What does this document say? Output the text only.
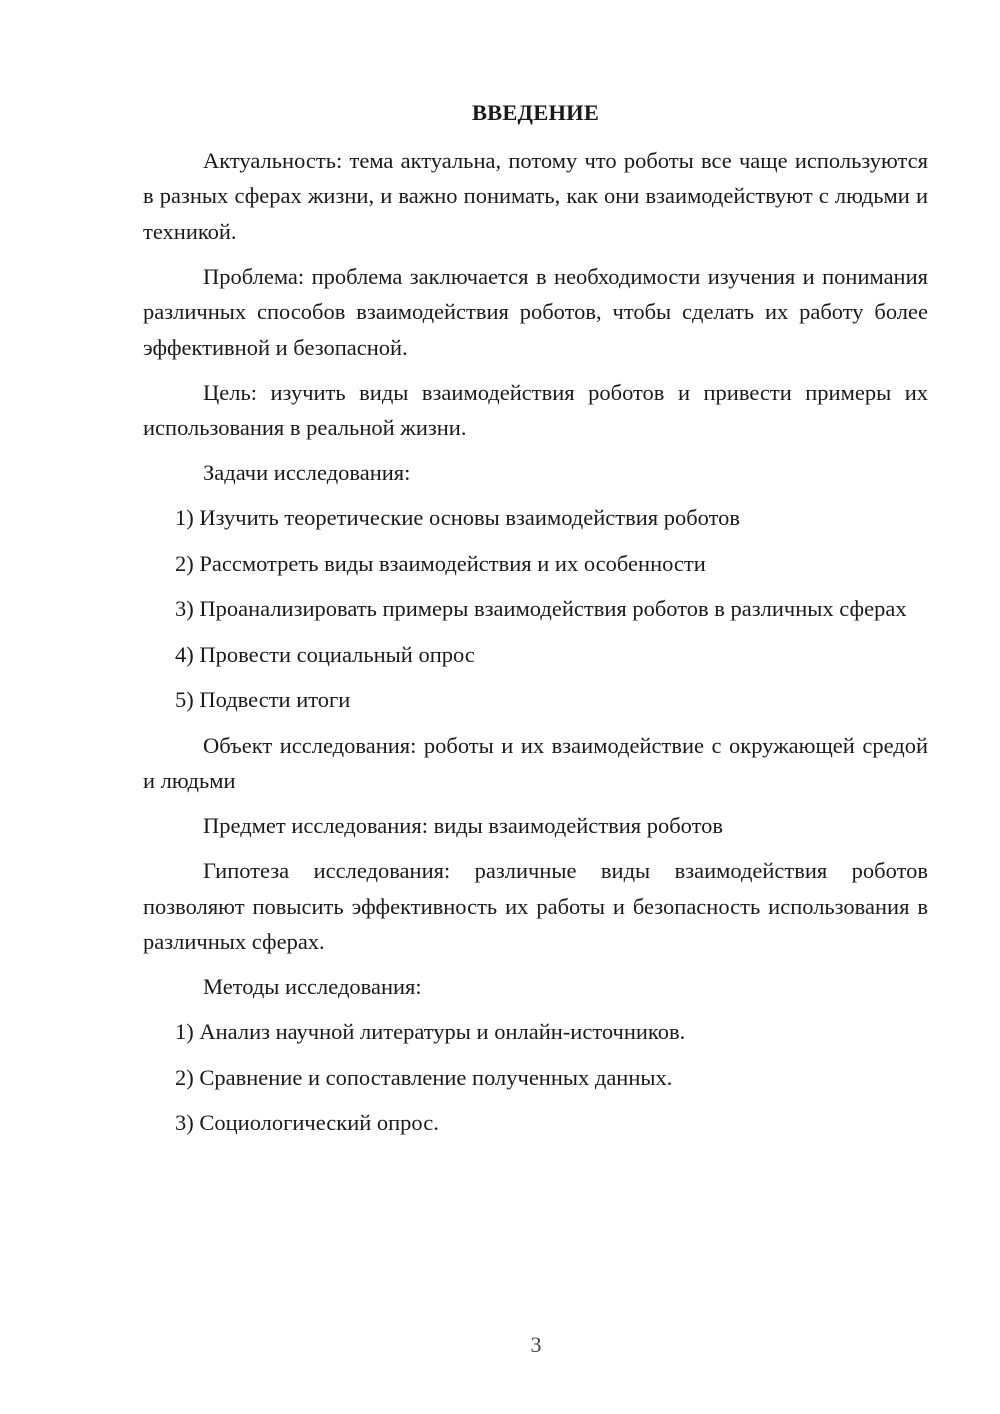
ВВЕДЕНИЕ

Актуальность: тема актуальна, потому что роботы все чаще используются в разных сферах жизни, и важно понимать, как они взаимодействуют с людьми и техникой.

Проблема: проблема заключается в необходимости изучения и понимания различных способов взаимодействия роботов, чтобы сделать их работу более эффективной и безопасной.

Цель: изучить виды взаимодействия роботов и привести примеры их использования в реальной жизни.

Задачи исследования:

1) Изучить теоретические основы взаимодействия роботов

2) Рассмотреть виды взаимодействия и их особенности

3) Проанализировать примеры взаимодействия роботов в различных сферах

4) Провести социальный опрос

5) Подвести итоги

Объект исследования: роботы и их взаимодействие с окружающей средой и людьми

Предмет исследования: виды взаимодействия роботов

Гипотеза исследования: различные виды взаимодействия роботов позволяют повысить эффективность их работы и безопасность использования в различных сферах.

Методы исследования:

1) Анализ научной литературы и онлайн-источников.

2) Сравнение и сопоставление полученных данных.

3) Социологический опрос.

3
